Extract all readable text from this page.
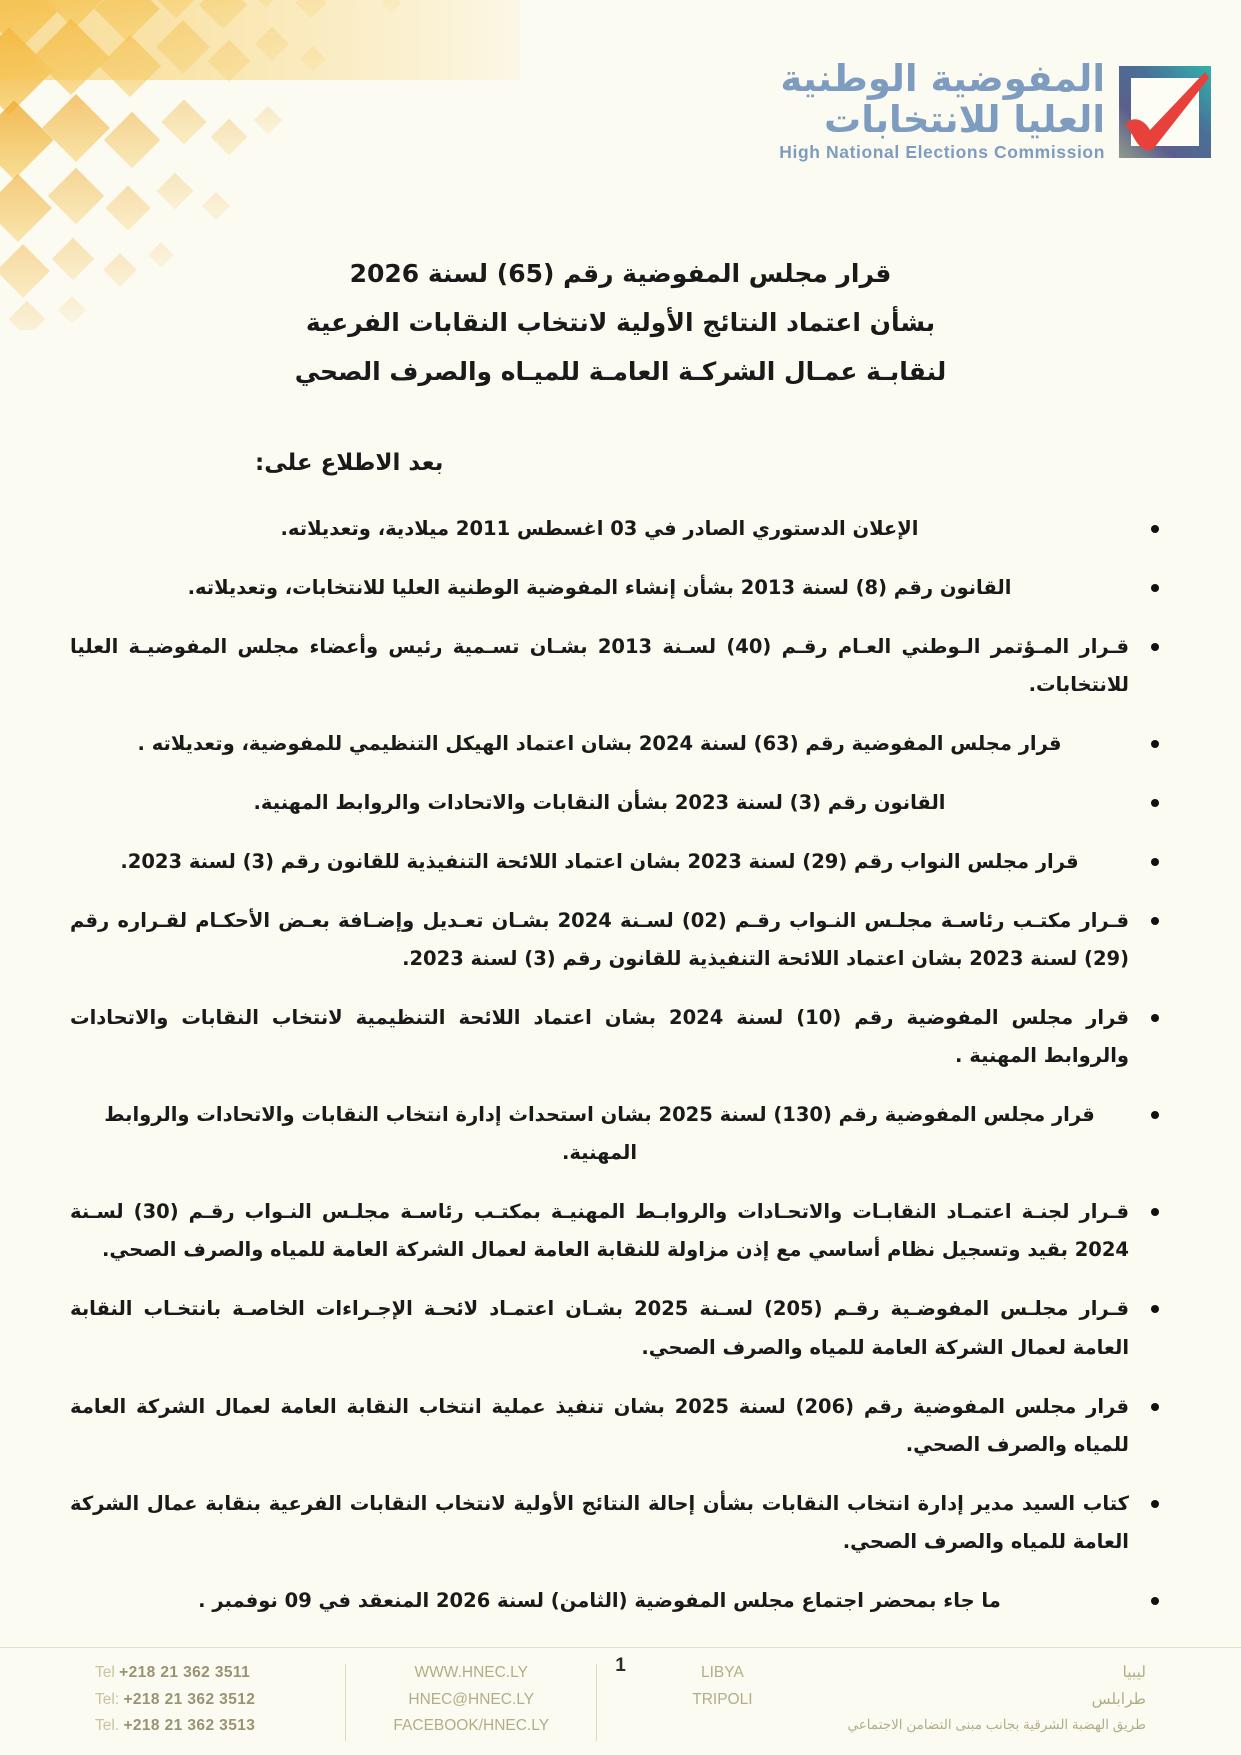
المفوضية الوطنية
العليا للانتخابات
High National Elections Commission
قرار مجلس المفوضية رقم (65) لسنة 2026
بشأن اعتماد النتائج الأولية لانتخاب النقابات الفرعية
لنقابـة عمـال الشركـة العامـة للميـاه والصرف الصحي
بعد الاطلاع على:
الإعلان الدستوري الصادر في 03 اغسطس 2011 ميلادية، وتعديلاته.
القانون رقم (8) لسنة 2013 بشأن إنشاء المفوضية الوطنية العليا للانتخابات، وتعديلاته.
قـرار المـؤتمر الـوطني العـام رقـم (40) لسـنة 2013 بشـان تسـمية رئيس وأعضاء مجلس المفوضيـة العليا للانتخابات.
قرار مجلس المفوضية رقم (63) لسنة 2024 بشان اعتماد الهيكل التنظيمي للمفوضية، وتعديلاته .
القانون رقم (3) لسنة 2023 بشأن النقابات والاتحادات والروابط المهنية.
قرار مجلس النواب رقم (29) لسنة 2023 بشان اعتماد اللائحة التنفيذية للقانون رقم (3) لسنة 2023.
قـرار مكتـب رئاسـة مجلـس النـواب رقـم (02) لسـنة 2024 بشـان تعـديل وإضـافة بعـض الأحكـام لقـراره رقم (29) لسنة 2023 بشان اعتماد اللائحة التنفيذية للقانون رقم (3) لسنة 2023.
قرار مجلس المفوضية رقم (10) لسنة 2024 بشان اعتماد اللائحة التنظيمية لانتخاب النقابات والاتحادات والروابط المهنية .
قرار مجلس المفوضية رقم (130) لسنة 2025 بشان استحداث إدارة انتخاب النقابات والاتحادات والروابط المهنية.
قـرار لجنـة اعتمـاد النقابـات والاتحـادات والروابـط المهنيـة بمكتـب رئاسـة مجلـس النـواب رقـم (30) لسـنة 2024 بقيد وتسجيل نظام أساسي مع إذن مزاولة للنقابة العامة لعمال الشركة العامة للمياه والصرف الصحي.
قـرار مجلـس المفوضـية رقـم (205) لسـنة 2025 بشـان اعتمـاد لائحـة الإجـراءات الخاصـة بانتخـاب النقابة العامة لعمال الشركة العامة للمياه والصرف الصحي.
قرار مجلس المفوضية رقم (206) لسنة 2025 بشان تنفيذ عملية انتخاب النقابة العامة لعمال الشركة العامة للمياه والصرف الصحي.
كتاب السيد مدير إدارة انتخاب النقابات بشأن إحالة النتائج الأولية لانتخاب النقابات الفرعية بنقابة عمال الشركة العامة للمياه والصرف الصحي.
ما جاء بمحضر اجتماع مجلس المفوضية (الثامن) لسنة 2026 المنعقد في 09 نوفمبر .
1
Tel +218 21 362 3511
Tel: +218 21 362 3512
Tel. +218 21 362 3513
WWW.HNEC.LY
HNEC@HNEC.LY
FACEBOOK/HNEC.LY
LIBYA
TRIPOLI
ليبيا
طرابلس
طريق الهضبة الشرقية بجانب مبنى التضامن الاجتماعي
